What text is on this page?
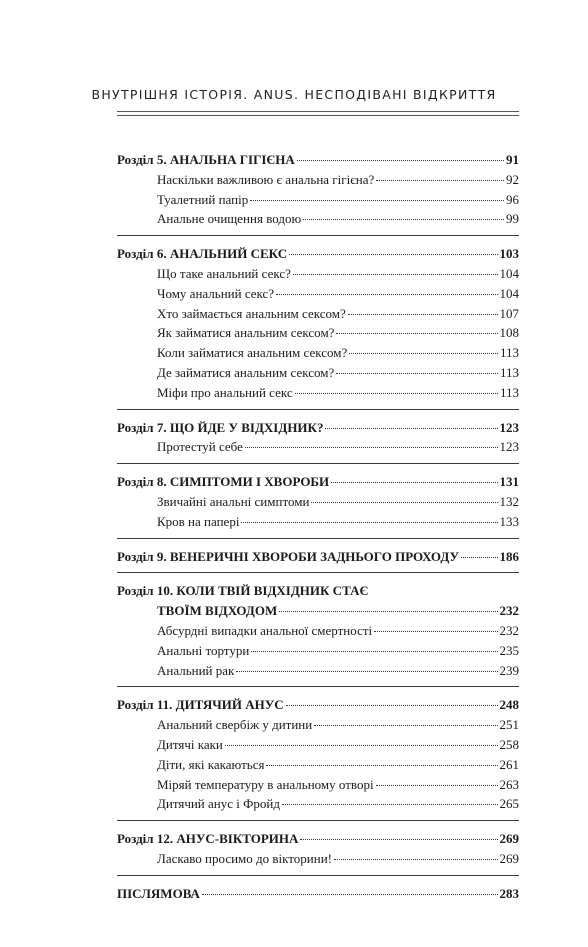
ВНУТРІШНЯ ІСТОРІЯ. ANUS. НЕСПОДІВАНІ ВІДКРИТТЯ
Розділ 5. АНАЛЬНА ГІГІЄНА	91
Наскільки важливою є анальна гігієна?	92
Туалетний папір	96
Анальне очищення водою	99
Розділ 6. АНАЛЬНИЙ СЕКС	103
Що таке анальний секс?	104
Чому анальний секс?	104
Хто займається анальним сексом?	107
Як займатися анальним сексом?	108
Коли займатися анальним сексом?	113
Де займатися анальним сексом?	113
Міфи про анальний секс	113
Розділ 7. ЩО ЙДЕ У ВІДХІДНИК?	123
Протестуй себе	123
Розділ 8. СИМПТОМИ І ХВОРОБИ	131
Звичайні анальні симптоми	132
Кров на папері	133
Розділ 9. ВЕНЕРИЧНІ ХВОРОБИ ЗАДНЬОГО ПРОХОДУ	186
Розділ 10. КОЛИ ТВІЙ ВІДХІДНИК СТАЄ
ТВОЇМ ВІДХОДОМ	232
Абсурдні випадки анальної смертності	232
Анальні тортури	235
Анальний рак	239
Розділ 11. ДИТЯЧИЙ АНУС	248
Анальний свербіж у дитини	251
Дитячі каки	258
Діти, які какаються	261
Міряй температуру в анальному отворі	263
Дитячий анус і Фройд	265
Розділ 12. АНУС-ВІКТОРИНА	269
Ласкаво просимо до вікторини!	269
ПІСЛЯМОВА	283
